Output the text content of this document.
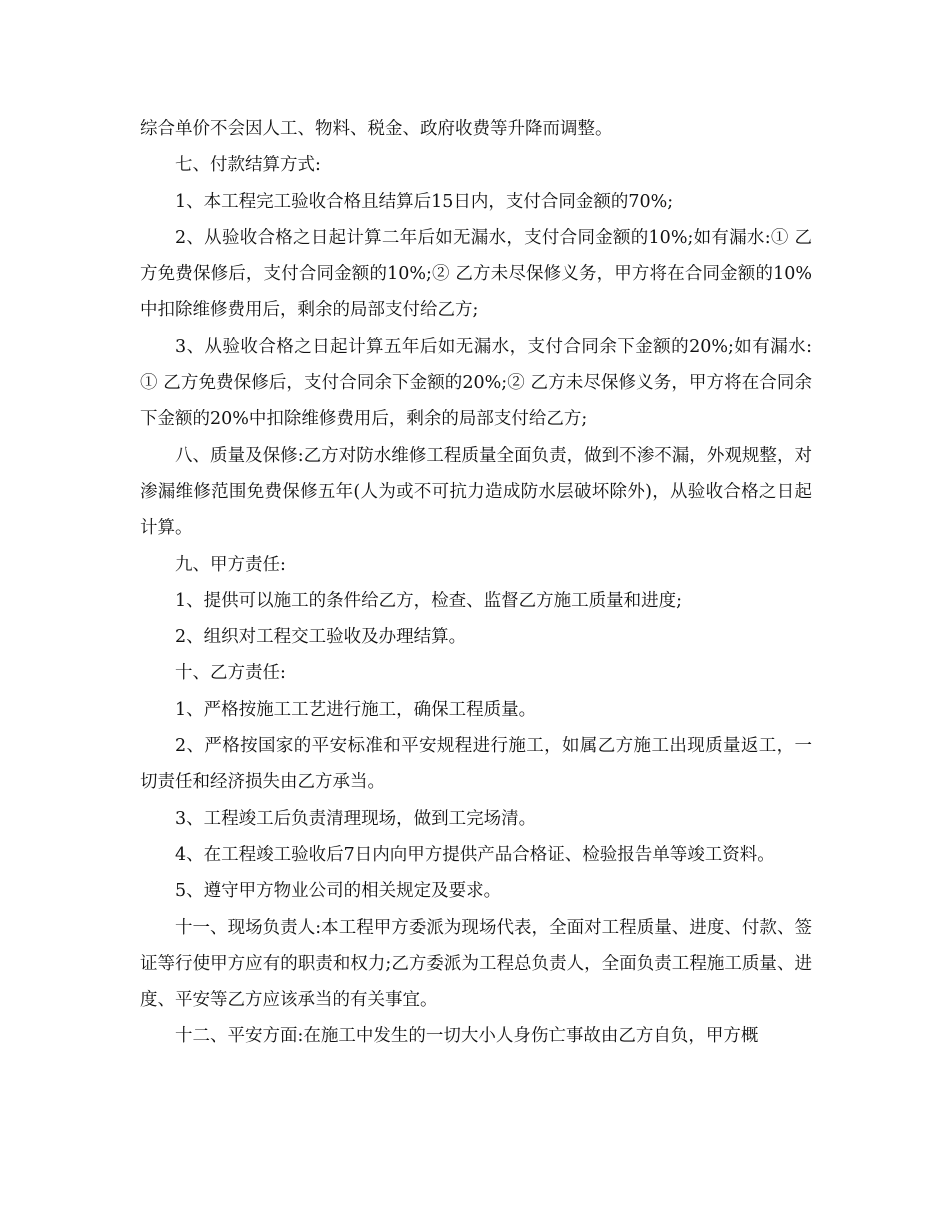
综合单价不会因人工、物料、税金、政府收费等升降而调整。

七、付款结算方式:

1、本工程完工验收合格且结算后15日内，支付合同金额的70%;

2、从验收合格之日起计算二年后如无漏水，支付合同金额的10%;如有漏水:① 乙方免费保修后，支付合同金额的10%;② 乙方未尽保修义务，甲方将在合同金额的10%中扣除维修费用后，剩余的局部支付给乙方;

3、从验收合格之日起计算五年后如无漏水，支付合同余下金额的20%;如有漏水:① 乙方免费保修后，支付合同余下金额的20%;② 乙方未尽保修义务，甲方将在合同余下金额的20%中扣除维修费用后，剩余的局部支付给乙方;

八、质量及保修:乙方对防水维修工程质量全面负责，做到不渗不漏，外观规整，对渗漏维修范围免费保修五年(人为或不可抗力造成防水层破坏除外)，从验收合格之日起计算。

九、甲方责任:

1、提供可以施工的条件给乙方，检查、监督乙方施工质量和进度;

2、组织对工程交工验收及办理结算。

十、乙方责任:

1、严格按施工工艺进行施工，确保工程质量。

2、严格按国家的平安标准和平安规程进行施工，如属乙方施工出现质量返工，一切责任和经济损失由乙方承当。

3、工程竣工后负责清理现场，做到工完场清。

4、在工程竣工验收后7日内向甲方提供产品合格证、检验报告单等竣工资料。

5、遵守甲方物业公司的相关规定及要求。

十一、现场负责人:本工程甲方委派为现场代表，全面对工程质量、进度、付款、签证等行使甲方应有的职责和权力;乙方委派为工程总负责人，全面负责工程施工质量、进度、平安等乙方应该承当的有关事宜。

十二、平安方面:在施工中发生的一切大小人身伤亡事故由乙方自负，甲方概
